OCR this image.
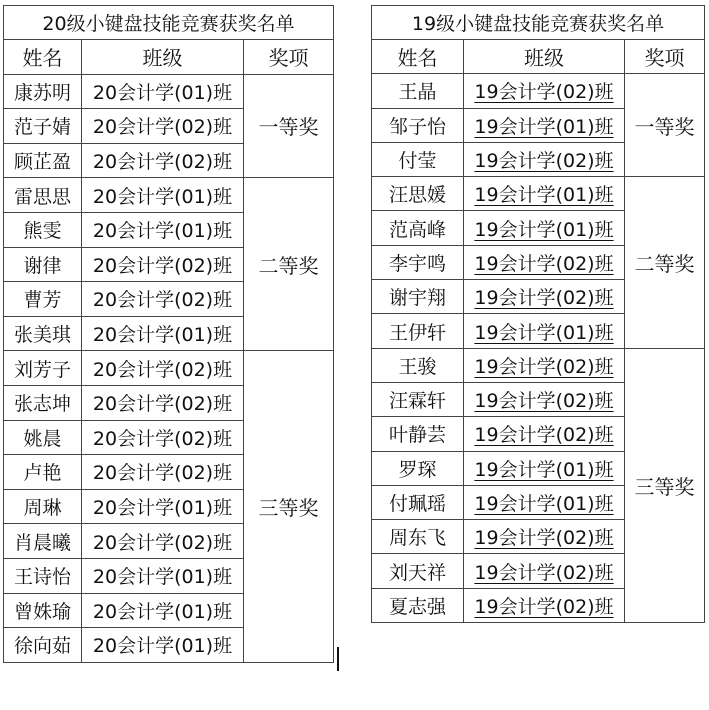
20级小键盘技能竞赛获奖名单		
姓名	班级	奖项
康苏明	20会计学(01)班	一等奖
范子婧	20会计学(02)班	
顾芷盈	20会计学(02)班	
雷思思	20会计学(01)班	二等奖
熊雯	20会计学(01)班	
谢律	20会计学(02)班	
曹芳	20会计学(02)班	
张美琪	20会计学(01)班	
刘芳子	20会计学(02)班	三等奖
张志坤	20会计学(02)班	
姚晨	20会计学(02)班	
卢艳	20会计学(02)班	
周琳	20会计学(01)班	
肖晨曦	20会计学(02)班	
王诗怡	20会计学(01)班	
曾姝瑜	20会计学(01)班	
徐向茹	20会计学(01)班	
19级小键盘技能竞赛获奖名单		
姓名	班级	奖项
王晶	19会计学(02)班	一等奖
邹子怡	19会计学(01)班	
付莹	19会计学(02)班	
汪思媛	19会计学(01)班	二等奖
范高峰	19会计学(01)班	
李宇鸣	19会计学(02)班	
谢宇翔	19会计学(02)班	
王伊轩	19会计学(01)班	
王骏	19会计学(02)班	三等奖
汪霖轩	19会计学(02)班	
叶静芸	19会计学(02)班	
罗琛	19会计学(01)班	
付珮瑶	19会计学(01)班	
周东飞	19会计学(02)班	
刘天祥	19会计学(02)班	
夏志强	19会计学(02)班	
